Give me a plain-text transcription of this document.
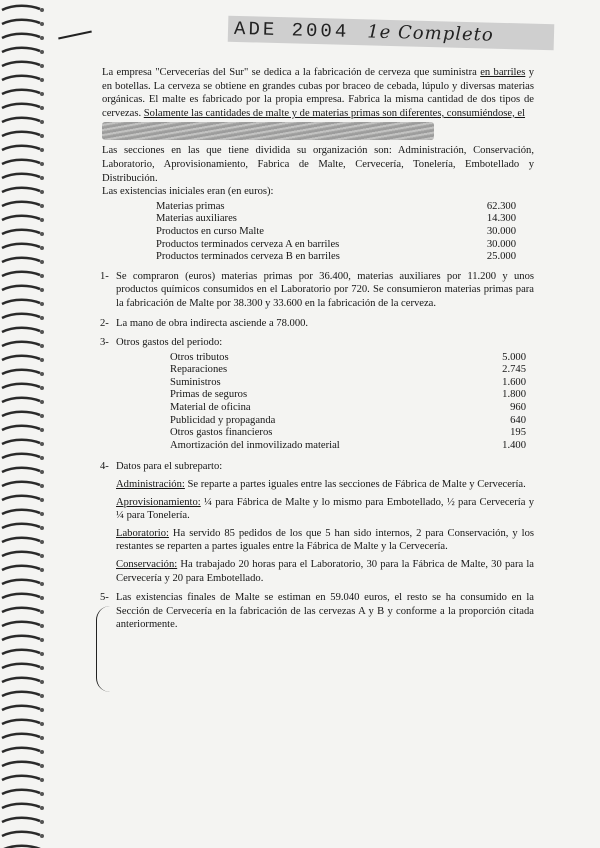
ADE 2004 1e Completo

La empresa "Cervecerías del Sur" se dedica a la fabricación de cerveza que suministra en barriles y en botellas. La cerveza se obtiene en grandes cubas por braceo de cebada, lúpulo y diversas materias orgánicas. El malte es fabricado por la propia empresa. Fabrica la misma cantidad de dos tipos de cervezas. Solamente las cantidades de malte y de materias primas son diferentes, consumiéndose, el

Las secciones en las que tiene dividida su organización son: Administración, Conservación, Laboratorio, Aprovisionamiento, Fabrica de Malte, Cervecería, Tonelería, Embotellado y Distribución.

Las existencias iniciales eran (en euros):

Materias primas	62.300
Materias auxiliares	14.300
Productos en curso Malte	30.000
Productos terminados cerveza A en barriles	30.000
Productos terminados cerveza B en barriles	25.000
1- Se compraron (euros) materias primas por 36.400, materias auxiliares por 11.200 y unos productos químicos consumidos en el Laboratorio por 720. Se consumieron materias primas para la fabricación de Malte por 38.300 y 33.600 en la fabricación de la cerveza.
2- La mano de obra indirecta asciende a 78.000.
3- Otros gastos del periodo:
Otros tributos	5.000
Reparaciones	2.745
Suministros	1.600
Primas de seguros	1.800
Material de oficina	960
Publicidad y propaganda	640
Otros gastos financieros	195
Amortización del inmovilizado material	1.400
4- Datos para el subreparto:
Administración: Se reparte a partes iguales entre las secciones de Fábrica de Malte y Cervecería.
Aprovisionamiento: ¼ para Fábrica de Malte y lo mismo para Embotellado, ½ para Cervecería y ¼ para Tonelería.
Laboratorio: Ha servido 85 pedidos de los que 5 han sido internos, 2 para Conservación, y los restantes se reparten a partes iguales entre la Fábrica de Malte y la Cervecería.
Conservación: Ha trabajado 20 horas para el Laboratorio, 30 para la Fábrica de Malte, 30 para la Cervecería y 20 para Embotellado.
5- Las existencias finales de Malte se estiman en 59.040 euros, el resto se ha consumido en la Sección de Cervecería en la fabricación de las cervezas A y B y conforme a la proporción citada anteriormente.
